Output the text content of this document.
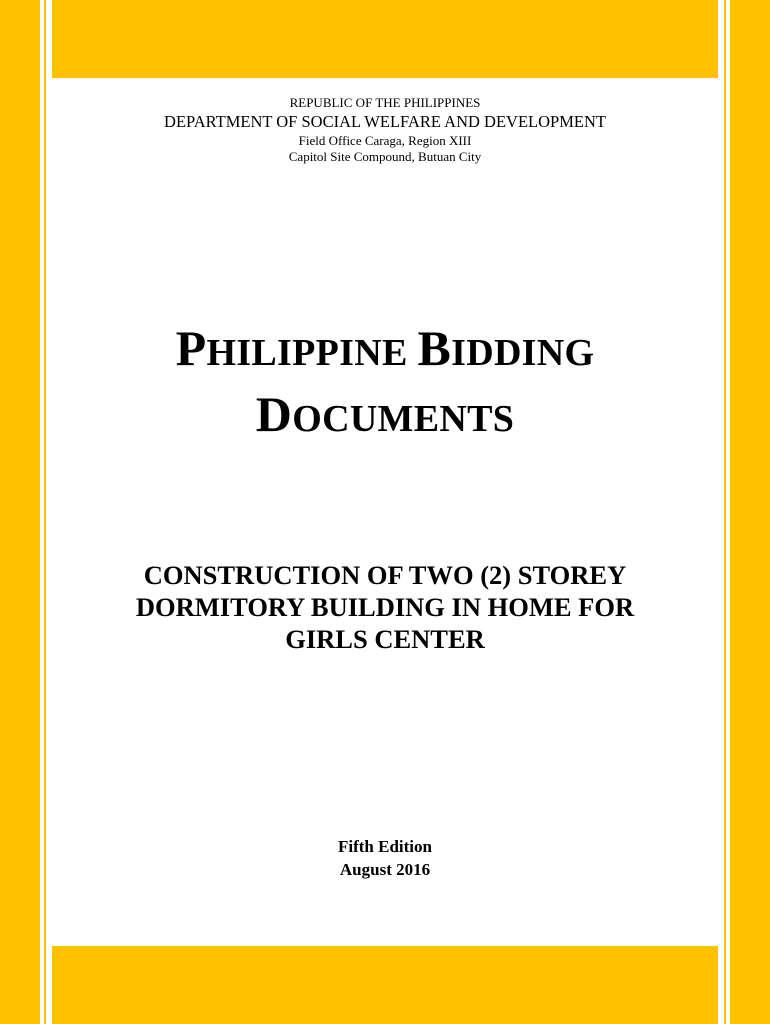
REPUBLIC OF THE PHILIPPINES
DEPARTMENT OF SOCIAL WELFARE AND DEVELOPMENT
Field Office Caraga, Region XIII
Capitol Site Compound, Butuan City
PHILIPPINE BIDDING
DOCUMENTS
CONSTRUCTION OF TWO (2) STOREY
DORMITORY BUILDING IN HOME FOR
GIRLS CENTER
Fifth Edition
August 2016
